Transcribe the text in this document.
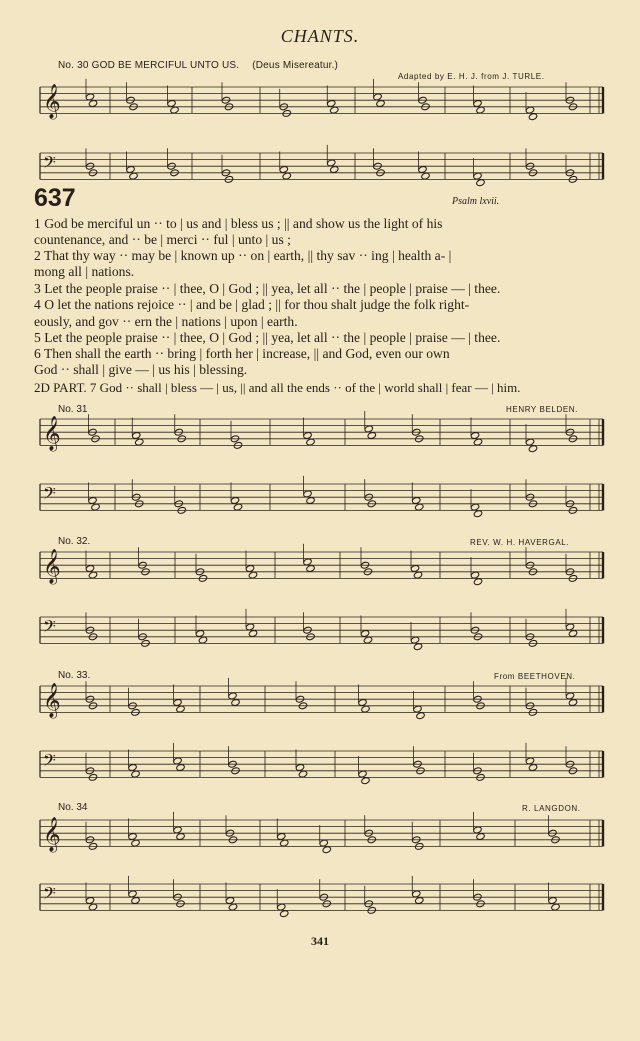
CHANTS.
No. 30 GOD BE MERCIFUL UNTO US. (Deus Misereatur.)
Adapted by E. H. J. from J. TURLE.
637	Psalm lxvii.
1 God be merciful un ·· to | us and | bless us ; || and show us the light of his
countenance, and ·· be | merci ·· ful | unto | us ;
2 That thy way ·· may be | known up ·· on | earth, || thy sav ·· ing | health a- |
mong all | nations.
3 Let the people praise ·· | thee, O | God ; || yea, let all ·· the | people | praise — | thee.
4 O let the nations rejoice ·· | and be | glad ; || for thou shalt judge the folk right-
eously, and gov ·· ern the | nations | upon | earth.
5 Let the people praise ·· | thee, O | God ; || yea, let all ·· the | people | praise — | thee.
6 Then shall the earth ·· bring | forth her | increase, || and God, even our own
God ·· shall | give — | us his | blessing.
2D PART. 7 God ·· shall | bless — | us, || and all the ends ·· of the | world shall | fear — | him.
No. 31	HENRY BELDEN.
No. 32.	REV. W. H. HAVERGAL.
No. 33.	From BEETHOVEN.
No. 34	R. LANGDON.
341
𝄞
𝄢
𝄞
𝄢
𝄞
𝄢
𝄞
𝄢
𝄞
𝄢
